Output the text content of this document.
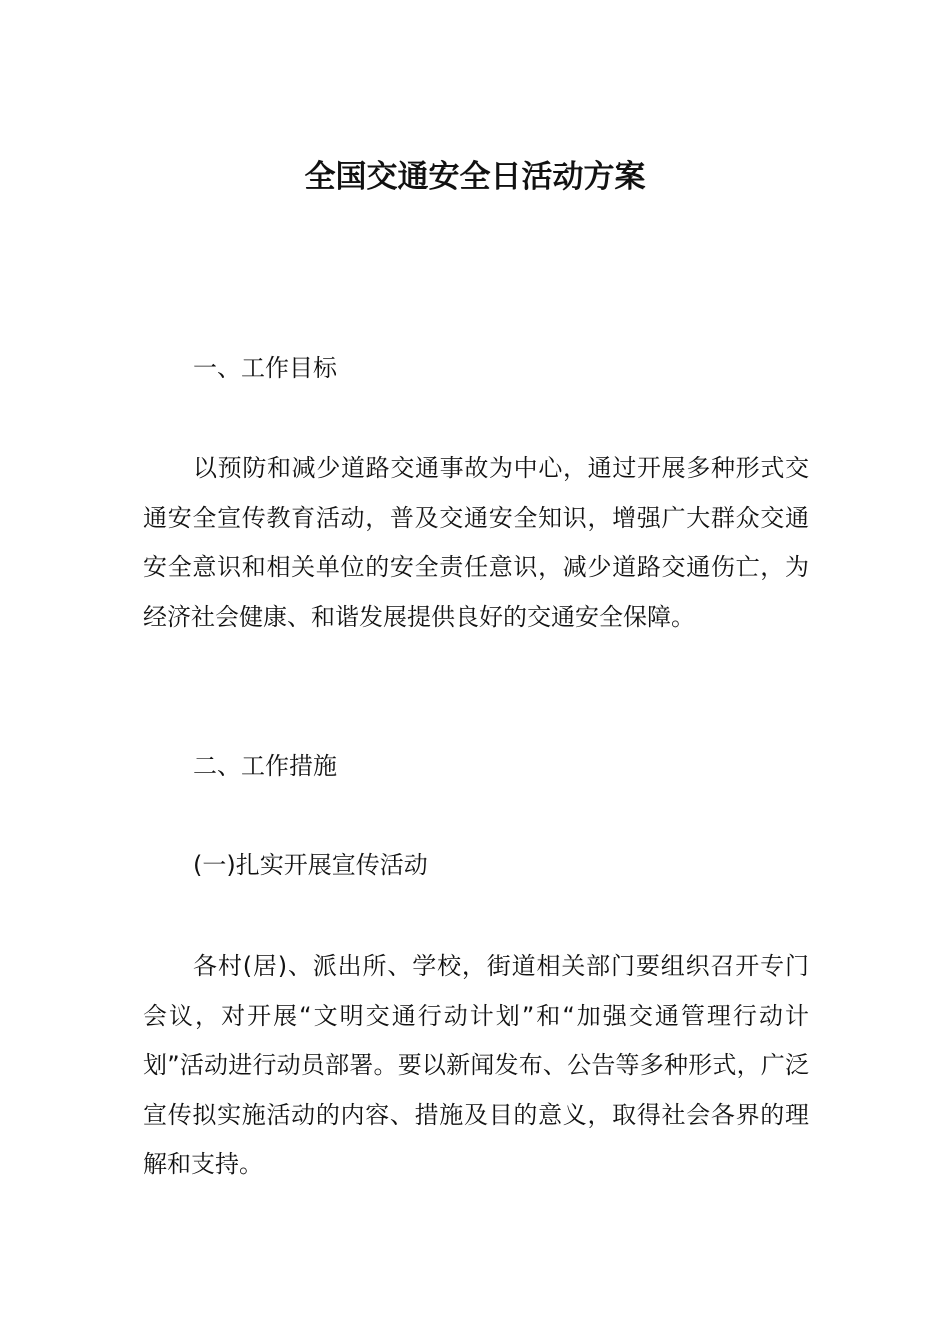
全国交通安全日活动方案

一、工作目标

以预防和减少道路交通事故为中心，通过开展多种形式交通安全宣传教育活动，普及交通安全知识，增强广大群众交通安全意识和相关单位的安全责任意识，减少道路交通伤亡，为经济社会健康、和谐发展提供良好的交通安全保障。

二、工作措施

(一)扎实开展宣传活动

各村(居)、派出所、学校，街道相关部门要组织召开专门会议，对开展“文明交通行动计划”和“加强交通管理行动计划”活动进行动员部署。要以新闻发布、公告等多种形式，广泛宣传拟实施活动的内容、措施及目的意义，取得社会各界的理解和支持。
